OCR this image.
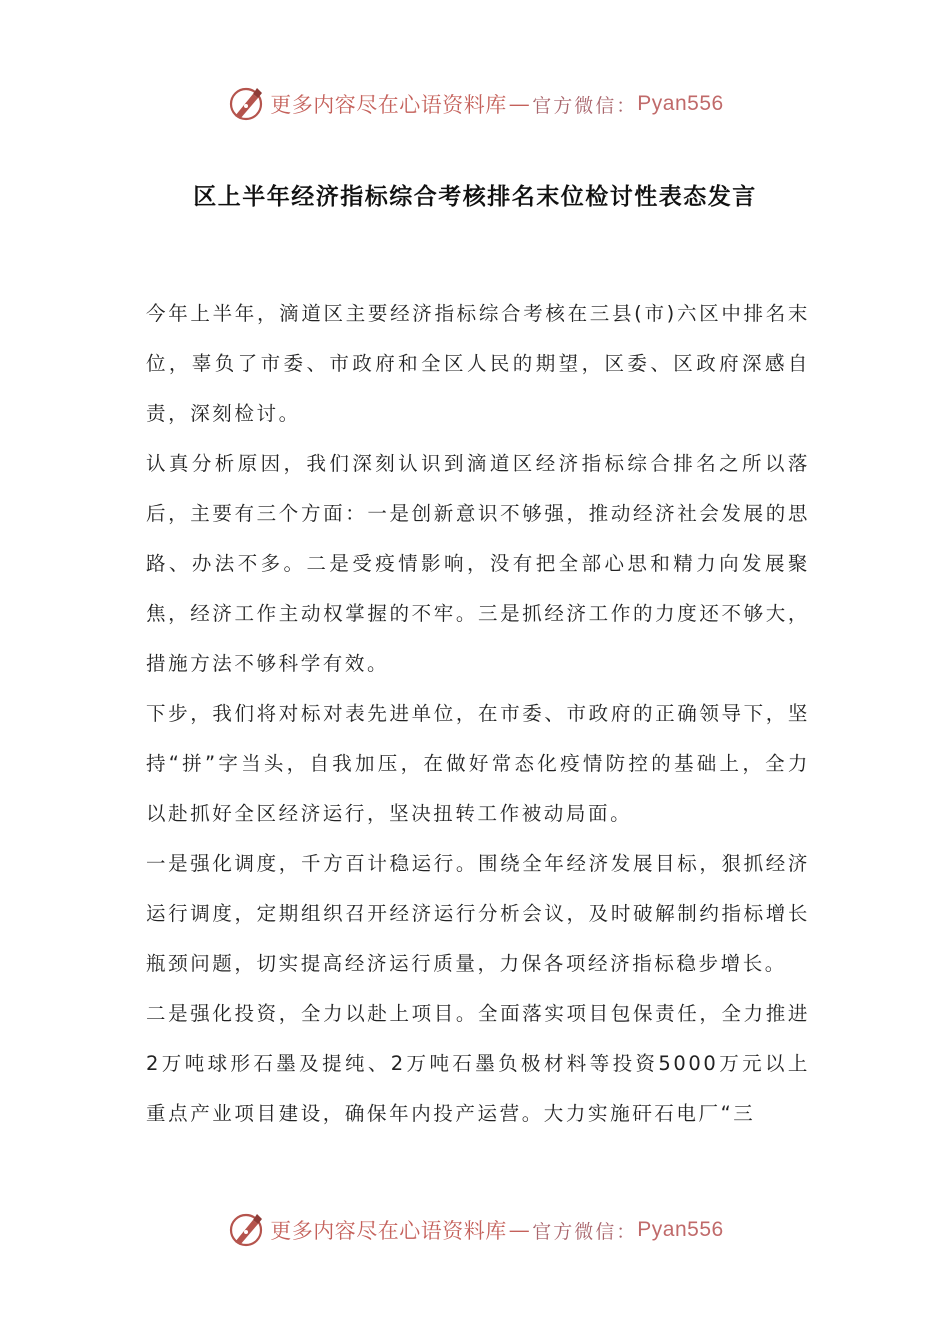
更多内容尽在心语资料库 — 官方微信： Pyan556
区上半年经济指标综合考核排名末位检讨性表态发言

今年上半年，滴道区主要经济指标综合考核在三县(市)六区中排名末位，辜负了市委、市政府和全区人民的期望，区委、区政府深感自责，深刻检讨。

认真分析原因，我们深刻认识到滴道区经济指标综合排名之所以落后，主要有三个方面：一是创新意识不够强，推动经济社会发展的思路、办法不多。二是受疫情影响，没有把全部心思和精力向发展聚焦，经济工作主动权掌握的不牢。三是抓经济工作的力度还不够大，措施方法不够科学有效。

下步，我们将对标对表先进单位，在市委、市政府的正确领导下，坚持“拼”字当头，自我加压，在做好常态化疫情防控的基础上，全力以赴抓好全区经济运行，坚决扭转工作被动局面。

一是强化调度，千方百计稳运行。围绕全年经济发展目标，狠抓经济运行调度，定期组织召开经济运行分析会议，及时破解制约指标增长瓶颈问题，切实提高经济运行质量，力保各项经济指标稳步增长。

二是强化投资，全力以赴上项目。全面落实项目包保责任，全力推进2万吨球形石墨及提纯、2万吨石墨负极材料等投资5000万元以上重点产业项目建设，确保年内投产运营。大力实施矸石电厂“三

更多内容尽在心语资料库 — 官方微信： Pyan556
